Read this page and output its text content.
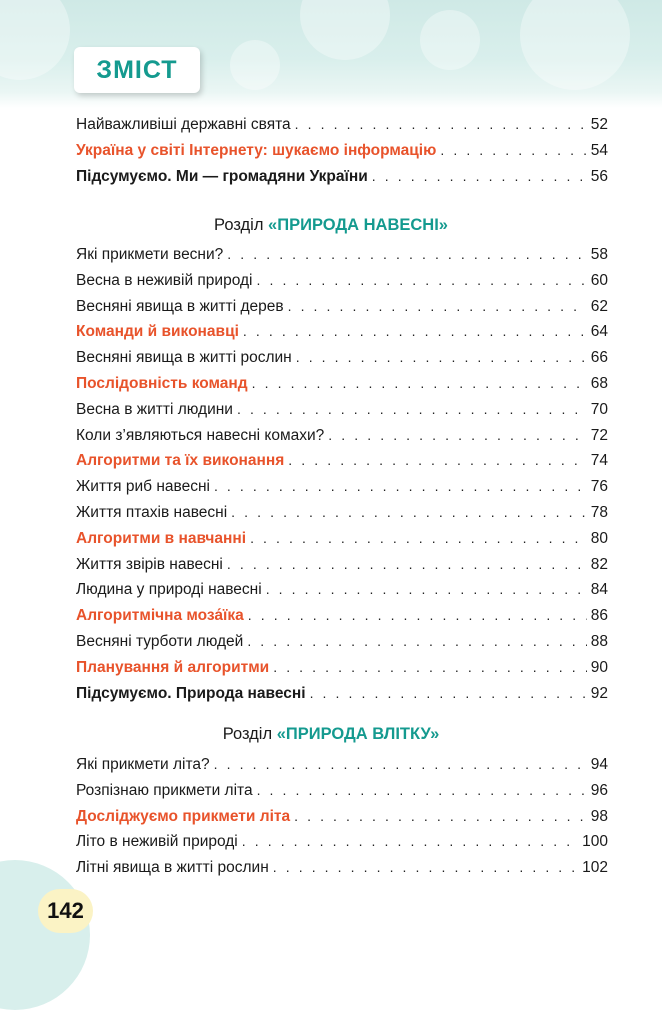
ЗМІСТ
Найважливіші державні свята . . .	52
Україна у світі Інтернету: шукаємо інформацію . . .	54
Підсумуємо. Ми — громадяни України . . .	56
Розділ «ПРИРОДА НАВЕСНІ»
Які прикмети весни? . . .	58
Весна в неживій природі . . .	60
Весняні явища в житті дерев . . .	62
Команди й виконавці . . .	64
Весняні явища в житті рослин . . .	66
Послідовність команд . . .	68
Весна в житті людини . . .	70
Коли з’являються навесні комахи? . . .	72
Алгоритми та їх виконання . . .	74
Життя риб навесні . . .	76
Життя птахів навесні . . .	78
Алгоритми в навчанні . . .	80
Життя звірів навесні . . .	82
Людина у природі навесні . . .	84
Алгоритмічна моза́їка . . .	86
Весняні турботи людей . . .	88
Планування й алгоритми . . .	90
Підсумуємо. Природа навесні . . .	92
Розділ «ПРИРОДА ВЛІТКУ»
Які прикмети літа? . . .	94
Розпізнаю прикмети літа . . .	96
Досліджуємо прикмети літа . . .	98
Літо в неживій природі . . .	100
Літні явища в житті рослин . . .	102
142
